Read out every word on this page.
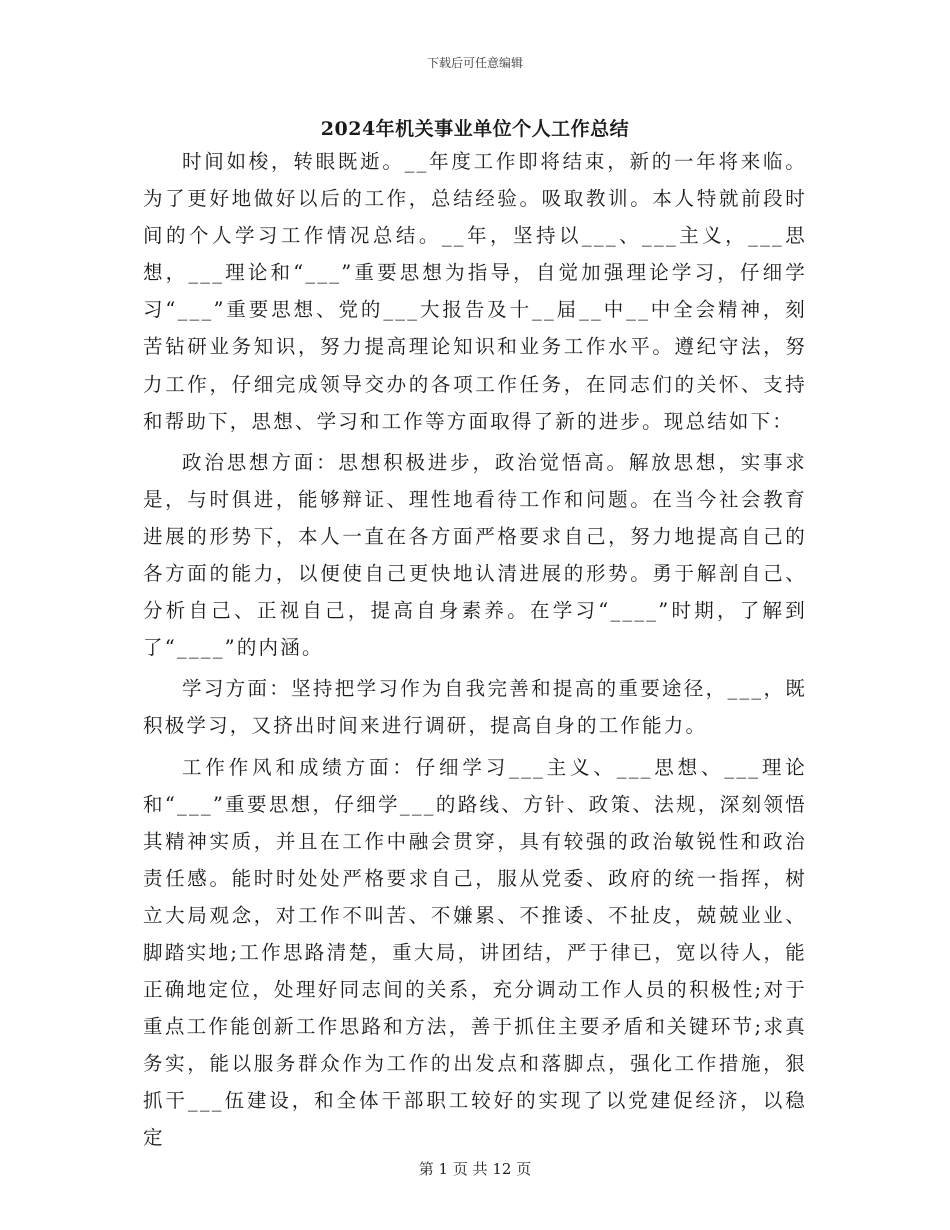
下载后可任意编辑
2024年机关事业单位个人工作总结

时间如梭，转眼既逝。__年度工作即将结束，新的一年将来临。为了更好地做好以后的工作，总结经验。吸取教训。本人特就前段时间的个人学习工作情况总结。__年，坚持以___、___主义，___思想，___理论和“___”重要思想为指导，自觉加强理论学习，仔细学习“___”重要思想、党的___大报告及十__届__中__中全会精神，刻苦钻研业务知识，努力提高理论知识和业务工作水平。遵纪守法，努力工作，仔细完成领导交办的各项工作任务，在同志们的关怀、支持和帮助下，思想、学习和工作等方面取得了新的进步。现总结如下：

政治思想方面：思想积极进步，政治觉悟高。解放思想，实事求是，与时俱进，能够辩证、理性地看待工作和问题。在当今社会教育进展的形势下，本人一直在各方面严格要求自己，努力地提高自己的各方面的能力，以便使自己更快地认清进展的形势。勇于解剖自己、分析自己、正视自己，提高自身素养。在学习“____”时期，了解到了“____”的内涵。

学习方面：坚持把学习作为自我完善和提高的重要途径，___，既积极学习，又挤出时间来进行调研，提高自身的工作能力。

工作作风和成绩方面：仔细学习___主义、___思想、___理论和“___”重要思想，仔细学___的路线、方针、政策、法规，深刻领悟其精神实质，并且在工作中融会贯穿，具有较强的政治敏锐性和政治责任感。能时时处处严格要求自己，服从党委、政府的统一指挥，树立大局观念，对工作不叫苦、不嫌累、不推诿、不扯皮，兢兢业业、脚踏实地;工作思路清楚，重大局，讲团结，严于律已，宽以待人，能正确地定位，处理好同志间的关系，充分调动工作人员的积极性;对于重点工作能创新工作思路和方法，善于抓住主要矛盾和关键环节;求真务实，能以服务群众作为工作的出发点和落脚点，强化工作措施，狠抓干___伍建设，和全体干部职工较好的实现了以党建促经济，以稳定

第 1 页 共 12 页
